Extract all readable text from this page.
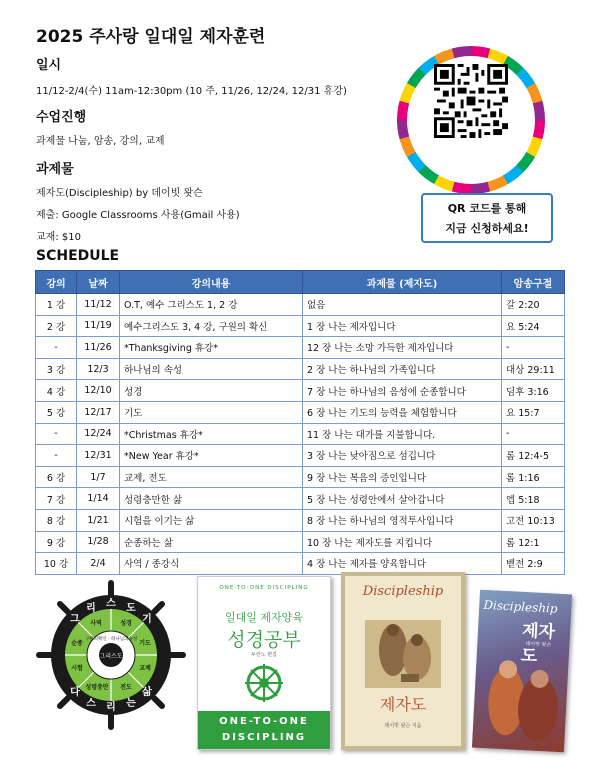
2025 주사랑 일대일 제자훈련
일시
11/12-2/4(수) 11am-12:30pm (10 주, 11/26, 12/24, 12/31 휴강)
수업진행
과제물 나눔, 암송, 강의, 교제
과제물
제자도(Discipleship) by 데이빗 왓슨
제출: Google Classrooms 사용(Gmail 사용)
교재: $10
QR 코드를 통해
지금 신청하세요!
SCHEDULE
강의	날짜	강의내용	과제물 (제자도)	암송구절
1 강	11/12	O.T, 예수 그리스도 1, 2 강	없음	갈 2:20
2 강	11/19	예수그리스도 3, 4 강, 구원의 확신	1 장 나는 제자입니다	요 5:24
-	11/26	*Thanksgiving 휴강*	12 장 나는 소망 가득한 제자입니다	-
3 강	12/3	하나님의 속성	2 장 나는 하나님의 가족입니다	대상 29:11
4 강	12/10	성경	7 장 나는 하나님의 음성에 순종합니다	딤후 3:16
5 강	12/17	기도	6 장 나는 기도의 능력을 체험합니다	요 15:7
-	12/24	*Christmas 휴강*	11 장 나는 대가를 지불합니다.	-
-	12/31	*New Year 휴강*	3 장 나는 낮아짐으로 섬깁니다	롬 12:4-5
6 강	1/7	교제, 전도	9 장 나는 복음의 증인입니다	롬 1:16
7 강	1/14	성령충만한 삶	5 장 나는 성령안에서 살아갑니다	엡 5:18
8 강	1/21	시험을 이기는 삶	8 장 나는 하나님의 영적투사입니다	고전 10:13
9 강	1/28	순종하는 삶	10 장 나는 제자도를 지킵니다	롬 12:1
10 강	2/4	사역 / 종강식	4 장 나는 제자를 양육합니다	벧전 2:9
그리스도
구원의확신 · 하나님의속성
사역	성경
기도
교제
전도
순종
시험
성령충만
그
리 스 도
기
다
스 리 는
삶
ONE-TO-ONE DISCIPLING
일대일 제자양육
성경공부
두란노 편집
ONE-TO-ONE
DISCIPLING
Discipleship
제자도
데이빗 왓슨 지음
Discipleship
제자도
데이빗 왓슨
